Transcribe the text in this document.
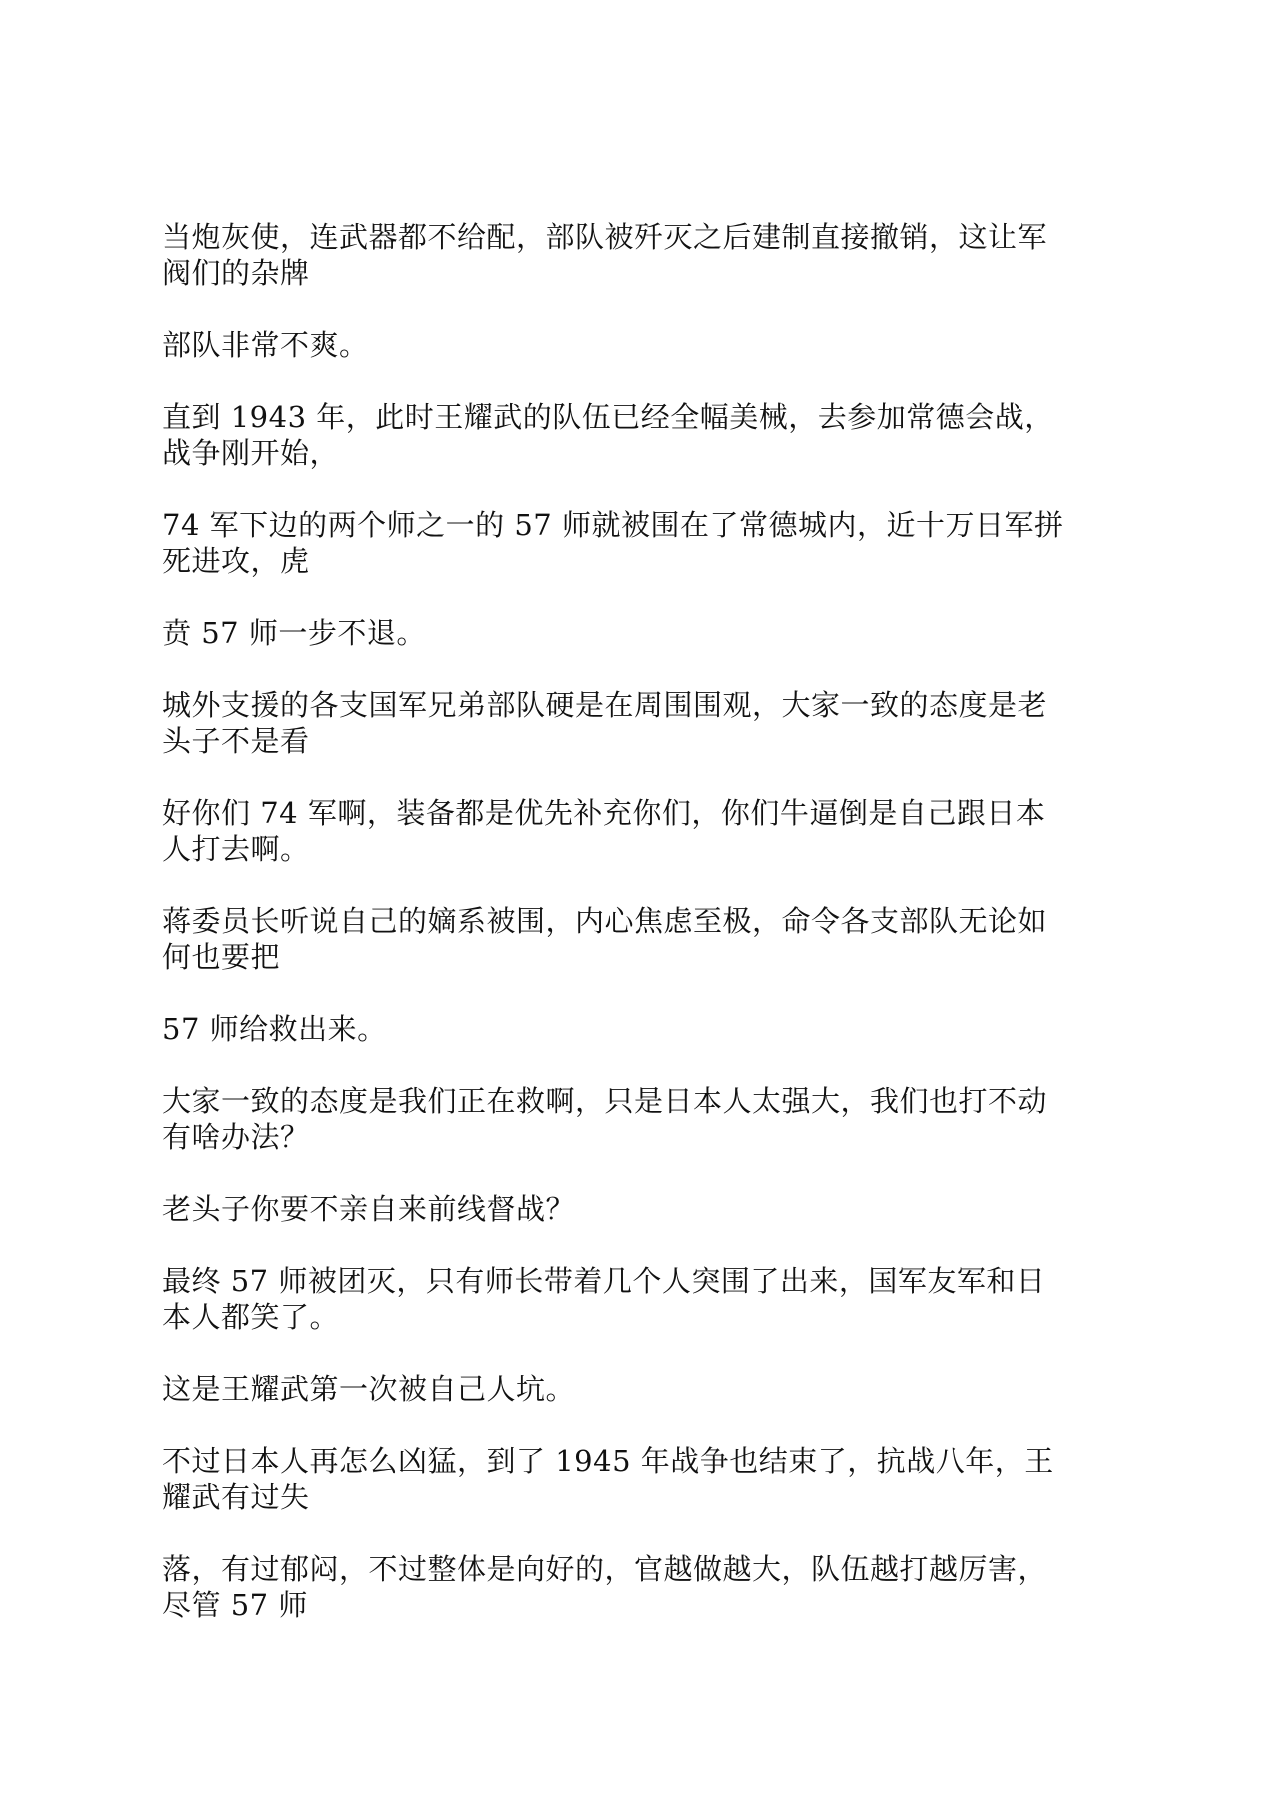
当炮灰使，连武器都不给配，部队被歼灭之后建制直接撤销，这让军
阀们的杂牌

部队非常不爽。

直到 1943 年，此时王耀武的队伍已经全幅美械，去参加常德会战，
战争刚开始，

74 军下边的两个师之一的 57 师就被围在了常德城内，近十万日军拼
死进攻，虎

贲 57 师一步不退。

城外支援的各支国军兄弟部队硬是在周围围观，大家一致的态度是老
头子不是看

好你们 74 军啊，装备都是优先补充你们，你们牛逼倒是自己跟日本
人打去啊。

蒋委员长听说自己的嫡系被围，内心焦虑至极，命令各支部队无论如
何也要把

57 师给救出来。

大家一致的态度是我们正在救啊，只是日本人太强大，我们也打不动
有啥办法？

老头子你要不亲自来前线督战？

最终 57 师被团灭，只有师长带着几个人突围了出来，国军友军和日
本人都笑了。

这是王耀武第一次被自己人坑。

不过日本人再怎么凶猛，到了 1945 年战争也结束了，抗战八年，王
耀武有过失

落，有过郁闷，不过整体是向好的，官越做越大，队伍越打越厉害，
尽管 57 师
